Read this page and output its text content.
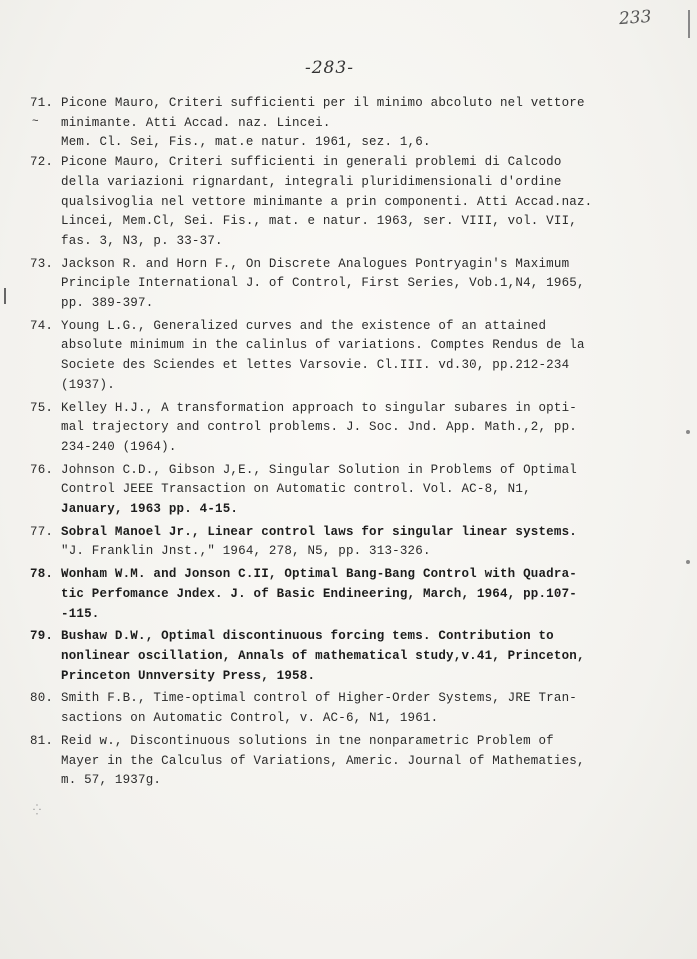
233
-283-
⁛
71.
~
Picone Mauro, Criteri sufficienti per il minimo abcoluto nel vettore
minimante. Atti Accad. naz. Lincei.
Mem. Cl. Sei, Fis., mat.e natur. 1961, sez. 1,6.
72. Picone Mauro, Criteri sufficienti in generali problemi di Calcodo
della variazioni rignardant, integrali pluridimensionali d'ordine
qualsivoglia nel vettore minimante a prin componenti. Atti Accad.naz.
Lincei, Mem.Cl, Sei. Fis., mat. e natur. 1963, ser. VIII, vol. VII,
fas. 3, N3, p. 33-37.
73. Jackson R. and Horn F., On Discrete Analogues Pontryagin's Maximum
Principle International J. of Control, First Series, Vob.1,N4, 1965,
pp. 389-397.
74. Young L.G., Generalized curves and the existence of an attained
absolute minimum in the calinlus of variations. Comptes Rendus de la
Societe des Sciendes et lettes Varsovie. Cl.III. vd.30, pp.212-234
(1937).
75. Kelley H.J., A transformation approach to singular subares in opti-
mal trajectory and control problems. J. Soc. Jnd. App. Math.,2, pp.
234-240 (1964).
76. Johnson C.D., Gibson J,E., Singular Solution in Problems of Optimal
Control JEEE Transaction on Automatic control. Vol. AC-8, N1,
January, 1963 pp. 4-15.
77. Sobral Manoel Jr., Linear control laws for singular linear systems.
"J. Franklin Jnst.," 1964, 278, N5, pp. 313-326.
78. Wonham W.M. and Jonson C.II, Optimal Bang-Bang Control with Quadra-
tic Perfomance Jndex. J. of Basic Endineering, March, 1964, pp.107-
-115.
79. Bushaw D.W., Optimal discontinuous forcing tems. Contribution to
nonlinear oscillation, Annals of mathematical study,v.41, Princeton,
Princeton Unnversity Press, 1958.
80. Smith F.B., Time-optimal control of Higher-Order Systems, JRE Tran-
sactions on Automatic Control, v. AC-6, N1, 1961.
81. Reid w., Discontinuous solutions in tne nonparametric Problem of
Mayer in the Calculus of Variations, Americ. Journal of Mathematies,
m. 57, 1937g.
